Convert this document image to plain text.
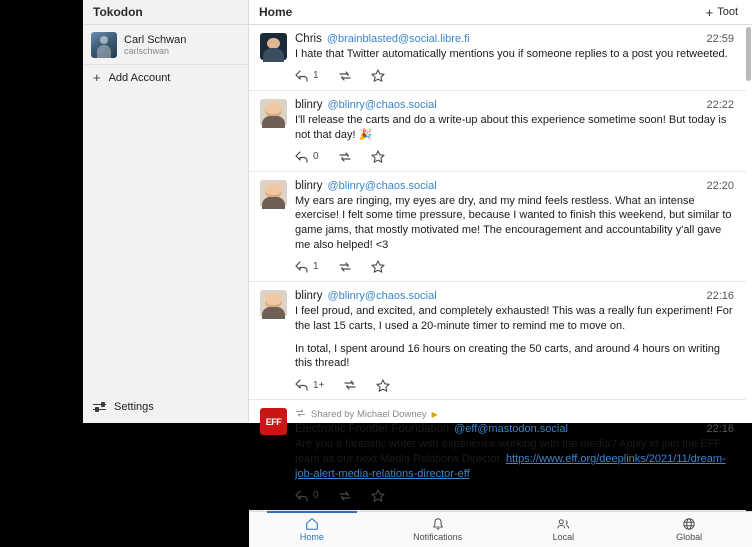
Tokodon	Home	+ Toot
Carl Schwan
carlschwan
+ Add Account
Settings
Chris @brainblasted@social.libre.fi	22:59
I hate that Twitter automatically mentions you if someone replies to a post you retweeted.
1
blinry @blinry@chaos.social	22:22
I'll release the carts and do a write-up about this experience sometime soon! But today is not that day! 🎉
0
blinry @blinry@chaos.social	22:20
My ears are ringing, my eyes are dry, and my mind feels restless. What an intense exercise! I felt some time pressure, because I wanted to finish this weekend, but similar to game jams, that mostly motivated me! The encouragement and accountability y'all gave me also helped! <3
1
blinry @blinry@chaos.social	22:16
I feel proud, and excited, and completely exhausted! This was a really fun experiment! For the last 15 carts, I used a 20-minute timer to remind me to move on.
In total, I spent around 16 hours on creating the 50 carts, and around 4 hours on writing this thread!
1+
EFF
Shared by Michael Downey ▶
Electronic Frontier Foundation @eff@mastodon.social	22:16
Are you a fantastic writer with experience working with the media? Apply to join the EFF team as our next Media Relations Director. https://www.eff.org/deeplinks/2021/11/dream-job-alert-media-relations-director-eff
0
Home	Notifications	Local	Global
